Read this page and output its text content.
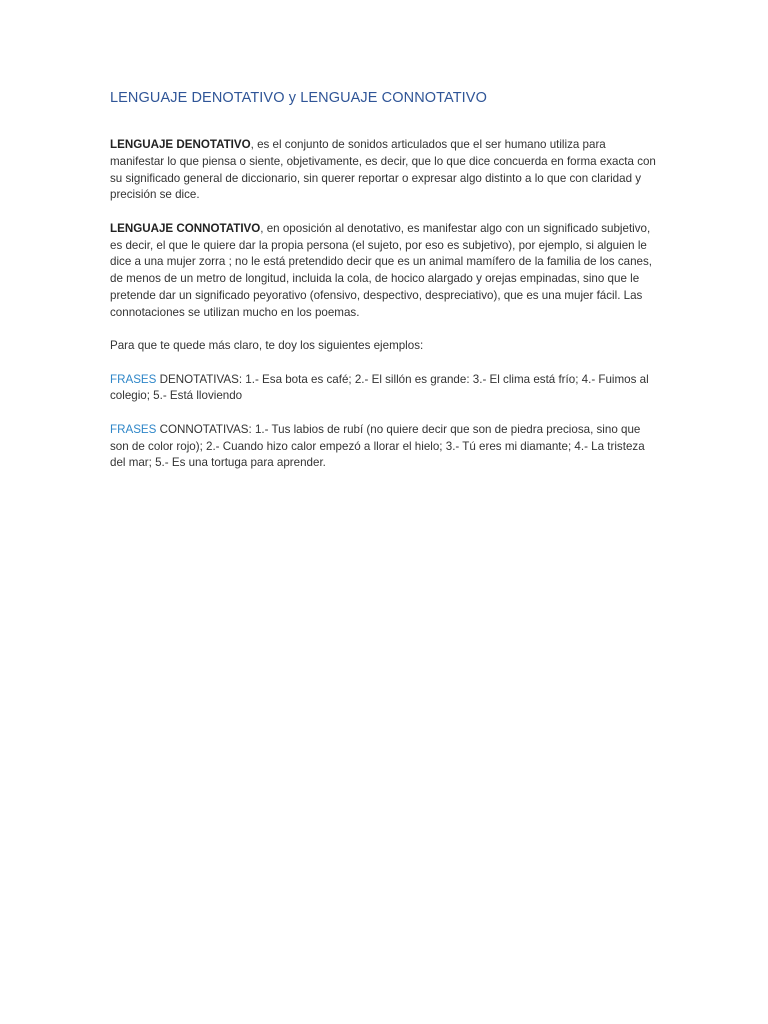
LENGUAJE DENOTATIVO y LENGUAJE CONNOTATIVO

LENGUAJE DENOTATIVO, es el conjunto de sonidos articulados que el ser humano utiliza para manifestar lo que piensa o siente, objetivamente, es decir, que lo que dice concuerda en forma exacta con su significado general de diccionario, sin querer reportar o expresar algo distinto a lo que con claridad y precisión se dice.

LENGUAJE CONNOTATIVO, en oposición al denotativo, es manifestar algo con un significado subjetivo, es decir, el que le quiere dar la propia persona (el sujeto, por eso es subjetivo), por ejemplo, si alguien le dice a una mujer zorra ; no le está pretendido decir que es un animal mamífero de la familia de los canes, de menos de un metro de longitud, incluida la cola, de hocico alargado y orejas empinadas, sino que le pretende dar un significado peyorativo (ofensivo, despectivo, despreciativo), que es una mujer fácil. Las connotaciones se utilizan mucho en los poemas.

Para que te quede más claro, te doy los siguientes ejemplos:

FRASES DENOTATIVAS: 1.- Esa bota es café; 2.- El sillón es grande: 3.- El clima está frío; 4.- Fuimos al colegio; 5.- Está lloviendo

FRASES CONNOTATIVAS: 1.- Tus labios de rubí (no quiere decir que son de piedra preciosa, sino que son de color rojo); 2.- Cuando hizo calor empezó a llorar el hielo; 3.- Tú eres mi diamante; 4.- La tristeza del mar; 5.- Es una tortuga para aprender.
